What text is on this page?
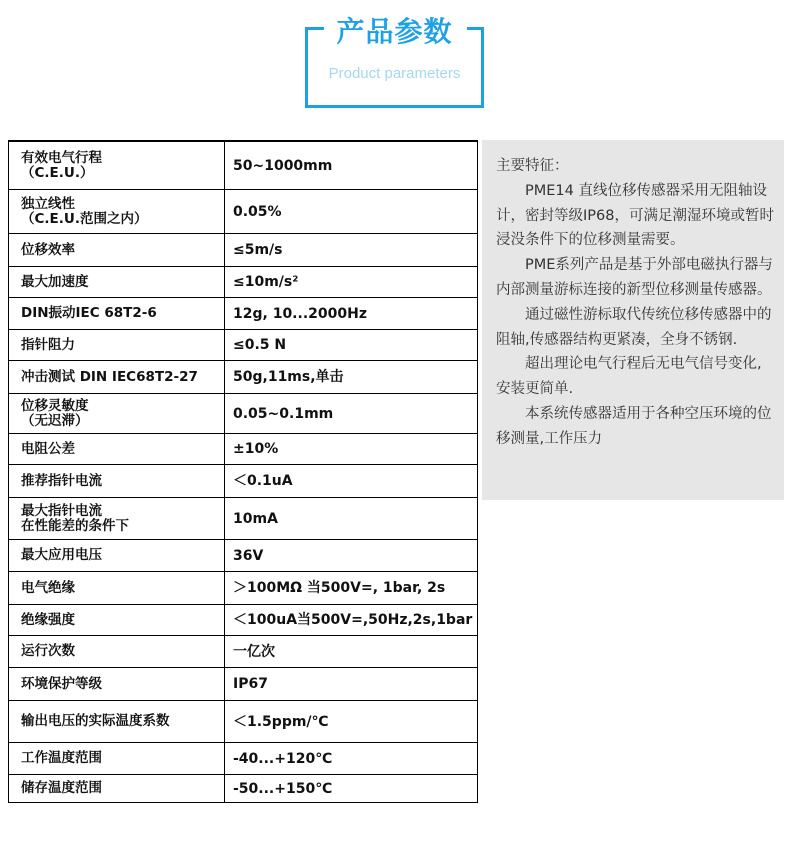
产品参数
Product parameters
有效电气行程
（C.E.U.）	50~1000mm
独立线性
（C.E.U.范围之内）	0.05%
位移效率	≤5m/s
最大加速度	≤10m/s²
DIN振动IEC 68T2-6	12g, 10...2000Hz
指针阻力	≤0.5 N
冲击测试 DIN IEC68T2-27	50g,11ms,单击
位移灵敏度
（无迟滞）	0.05~0.1mm
电阻公差	±10%
推荐指针电流	＜0.1uA
最大指针电流
在性能差的条件下	10mA
最大应用电压	36V
电气绝缘	＞100MΩ 当500V=, 1bar, 2s
绝缘强度	＜100uA当500V=,50Hz,2s,1bar
运行次数	一亿次
环境保护等级	IP67
输出电压的实际温度系数	＜1.5ppm/℃
工作温度范围	-40...+120℃
储存温度范围	-50...+150℃

主要特征：

PME14 直线位移传感器采用无阻轴设计，密封等级IP68，可满足潮湿环境或暂时浸没条件下的位移测量需要。

PME系列产品是基于外部电磁执行器与内部测量游标连接的新型位移测量传感器。

通过磁性游标取代传统位移传感器中的阻轴,传感器结构更紧凑，全身不锈钢.

超出理论电气行程后无电气信号变化,安装更简单.

本系统传感器适用于各种空压环境的位移测量,工作压力
